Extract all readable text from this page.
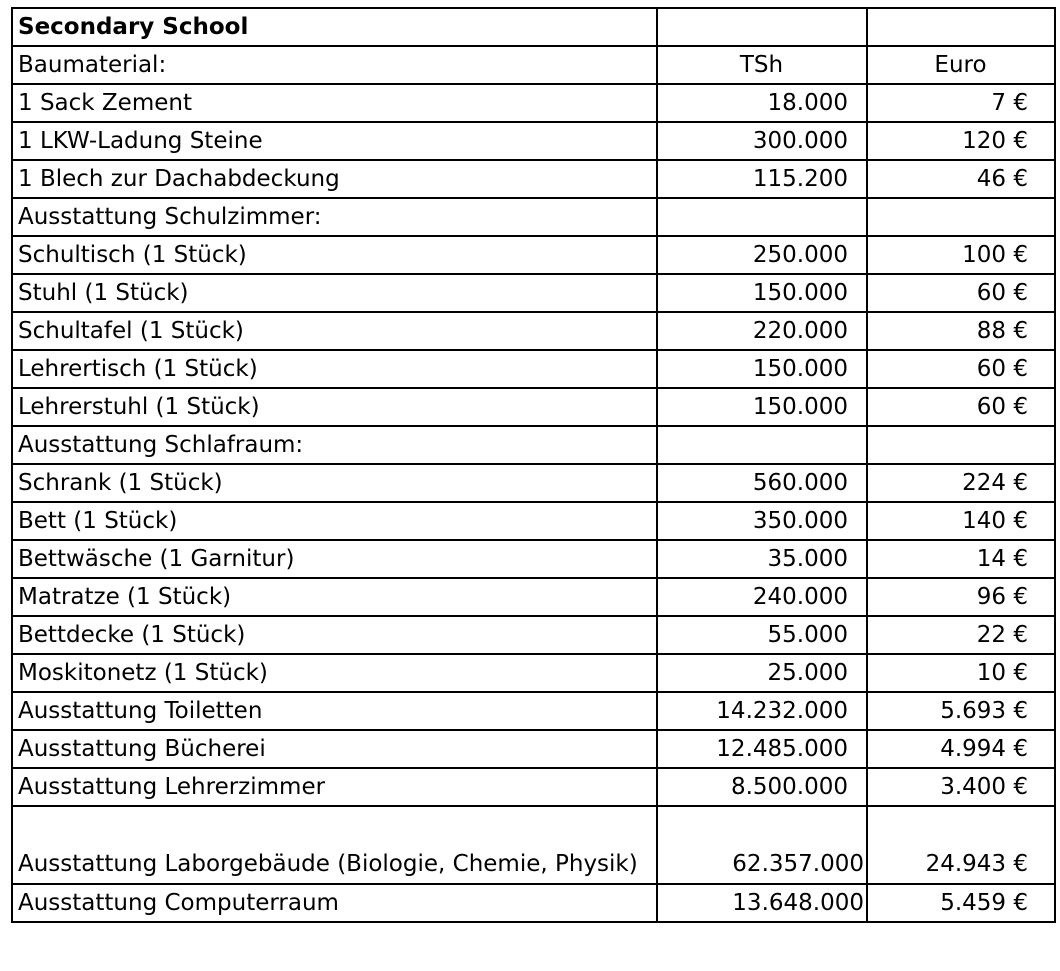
Secondary School		
Baumaterial:	TSh	Euro
1 Sack Zement	18.000	7 €
1 LKW-Ladung Steine	300.000	120 €
1 Blech zur Dachabdeckung	115.200	46 €
Ausstattung Schulzimmer:		
Schultisch (1 Stück)	250.000	100 €
Stuhl (1 Stück)	150.000	60 €
Schultafel (1 Stück)	220.000	88 €
Lehrertisch (1 Stück)	150.000	60 €
Lehrerstuhl (1 Stück)	150.000	60 €
Ausstattung Schlafraum:		
Schrank (1 Stück)	560.000	224 €
Bett (1 Stück)	350.000	140 €
Bettwäsche (1 Garnitur)	35.000	14 €
Matratze (1 Stück)	240.000	96 €
Bettdecke (1 Stück)	55.000	22 €
Moskitonetz (1 Stück)	25.000	10 €
Ausstattung Toiletten	14.232.000	5.693 €
Ausstattung Bücherei	12.485.000	4.994 €
Ausstattung Lehrerzimmer	8.500.000	3.400 €
Ausstattung Laborgebäude (Biologie, Chemie, Physik)	62.357.000	24.943 €
Ausstattung Computerraum	13.648.000	5.459 €
